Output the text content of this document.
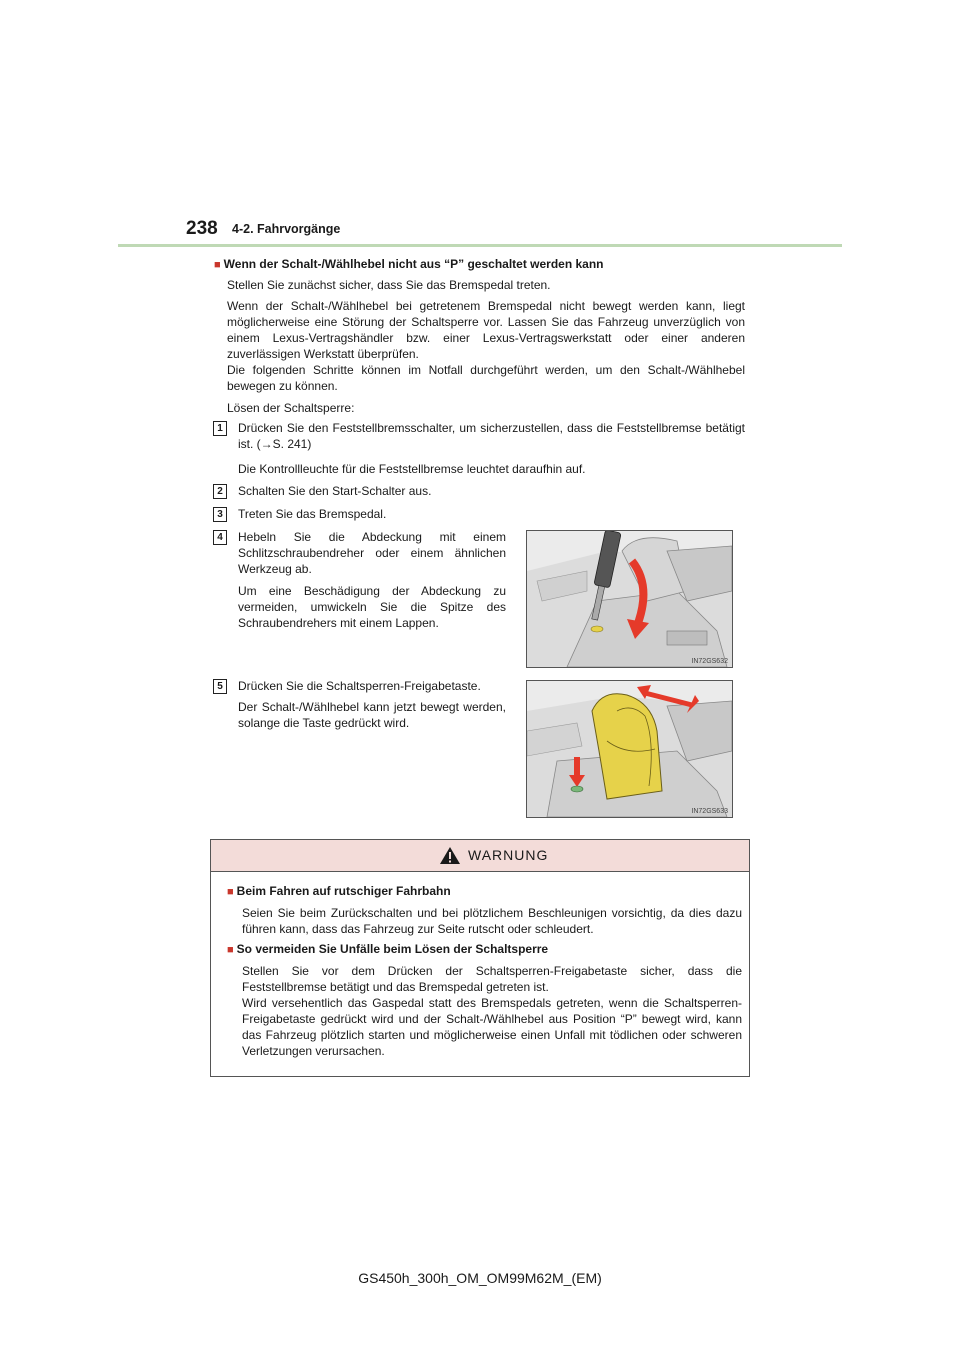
238 4-2. Fahrvorgänge
■ Wenn der Schalt-/Wählhebel nicht aus “P” geschaltet werden kann
Stellen Sie zunächst sicher, dass Sie das Bremspedal treten.
Wenn der Schalt-/Wählhebel bei getretenem Bremspedal nicht bewegt werden kann, liegt möglicherweise eine Störung der Schaltsperre vor. Lassen Sie das Fahrzeug unverzüglich von einem Lexus-Vertragshändler bzw. einer Lexus-Vertragswerkstatt oder einer anderen zuverlässigen Werkstatt überprüfen.
Die folgenden Schritte können im Notfall durchgeführt werden, um den Schalt-/Wählhebel bewegen zu können.
Lösen der Schaltsperre:
1	Drücken Sie den Feststellbremsschalter, um sicherzustellen, dass die Feststellbremse betätigt ist. (→S. 241)
Die Kontrollleuchte für die Feststellbremse leuchtet daraufhin auf.
2	Schalten Sie den Start-Schalter aus.
3	Treten Sie das Bremspedal.
4	Hebeln Sie die Abdeckung mit einem Schlitzschraubendreher oder einem ähnlichen Werkzeug ab.
Um eine Beschädigung der Abdeckung zu vermeiden, umwickeln Sie die Spitze des Schraubendrehers mit einem Lappen.
IN72GS632
5	Drücken Sie die Schaltsperren-Freigabetaste.
Der Schalt-/Wählhebel kann jetzt bewegt werden, solange die Taste gedrückt wird.
IN72GS633
WARNUNG
■ Beim Fahren auf rutschiger Fahrbahn
Seien Sie beim Zurückschalten und bei plötzlichem Beschleunigen vorsichtig, da dies dazu führen kann, dass das Fahrzeug zur Seite rutscht oder schleudert.
■ So vermeiden Sie Unfälle beim Lösen der Schaltsperre
Stellen Sie vor dem Drücken der Schaltsperren-Freigabetaste sicher, dass die Feststellbremse betätigt und das Bremspedal getreten ist.
Wird versehentlich das Gaspedal statt des Bremspedals getreten, wenn die Schaltsperren-Freigabetaste gedrückt wird und der Schalt-/Wählhebel aus Position “P” bewegt wird, kann das Fahrzeug plötzlich starten und möglicherweise einen Unfall mit tödlichen oder schweren Verletzungen verursachen.
GS450h_300h_OM_OM99M62M_(EM)
